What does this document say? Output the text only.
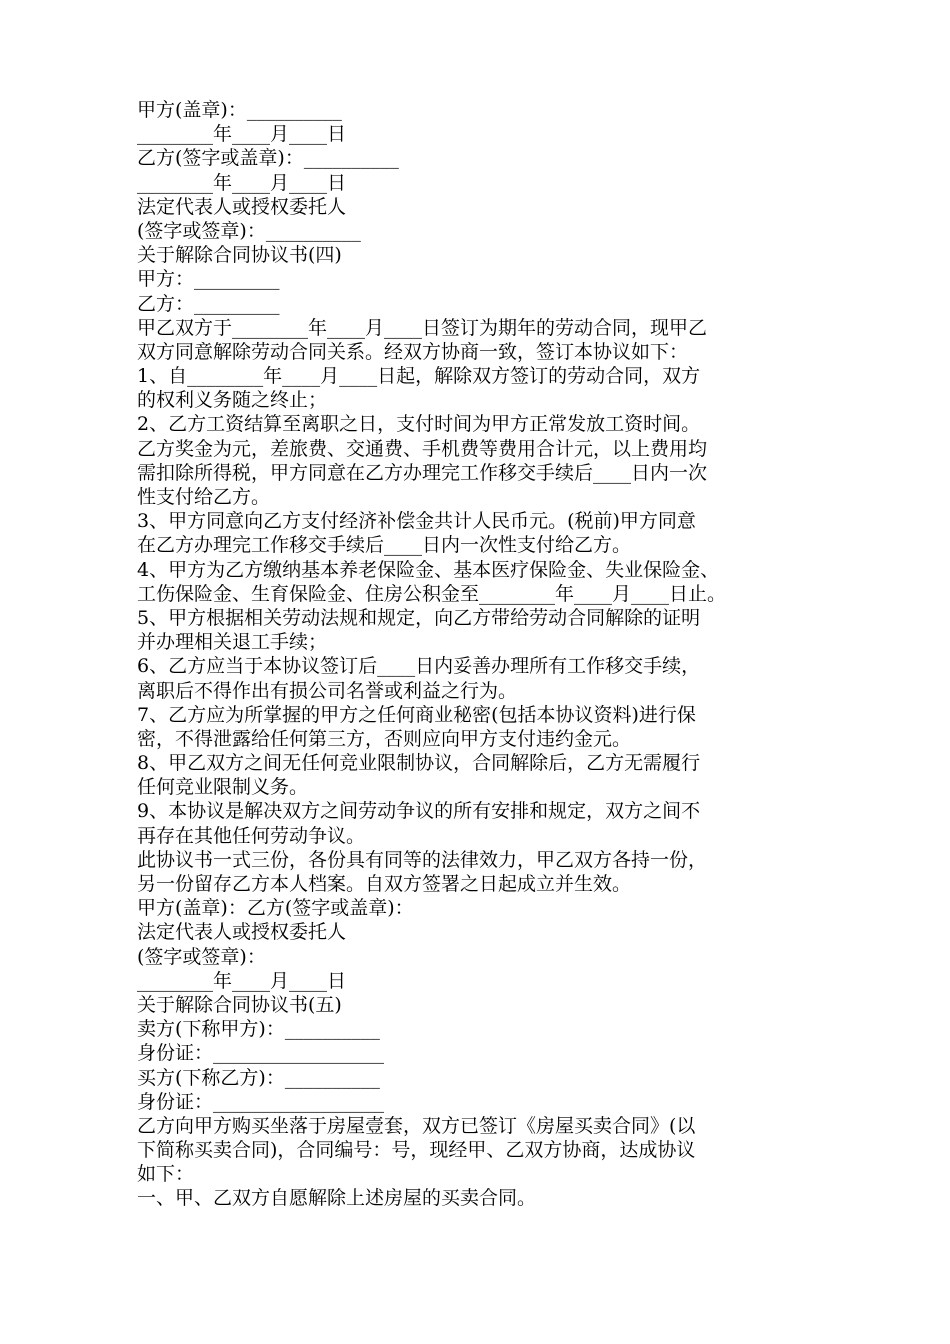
甲方(盖章)：__________
________年____月____日
乙方(签字或盖章)：__________
________年____月____日
法定代表人或授权委托人
(签字或签章)：__________
关于解除合同协议书(四)
甲方：_________
乙方：_________
甲乙双方于________年____月____日签订为期年的劳动合同，现甲乙
双方同意解除劳动合同关系。经双方协商一致，签订本协议如下：
1、自________年____月____日起，解除双方签订的劳动合同，双方
的权利义务随之终止；
2、乙方工资结算至离职之日，支付时间为甲方正常发放工资时间。
乙方奖金为元，差旅费、交通费、手机费等费用合计元，以上费用均
需扣除所得税，甲方同意在乙方办理完工作移交手续后____日内一次
性支付给乙方。
3、甲方同意向乙方支付经济补偿金共计人民币元。(税前)甲方同意
在乙方办理完工作移交手续后____日内一次性支付给乙方。
4、甲方为乙方缴纳基本养老保险金、基本医疗保险金、失业保险金、
工伤保险金、生育保险金、住房公积金至________年____月____日止。
5、甲方根据相关劳动法规和规定，向乙方带给劳动合同解除的证明
并办理相关退工手续；
6、乙方应当于本协议签订后____日内妥善办理所有工作移交手续，
离职后不得作出有损公司名誉或利益之行为。
7、乙方应为所掌握的甲方之任何商业秘密(包括本协议资料)进行保
密，不得泄露给任何第三方，否则应向甲方支付违约金元。
8、甲乙双方之间无任何竞业限制协议，合同解除后，乙方无需履行
任何竞业限制义务。
9、本协议是解决双方之间劳动争议的所有安排和规定，双方之间不
再存在其他任何劳动争议。
此协议书一式三份，各份具有同等的法律效力，甲乙双方各持一份，
另一份留存乙方本人档案。自双方签署之日起成立并生效。
甲方(盖章)：乙方(签字或盖章)：
法定代表人或授权委托人
(签字或签章)：
________年____月____日
关于解除合同协议书(五)
卖方(下称甲方)：__________
身份证：__________________
买方(下称乙方)：__________
身份证：__________________
乙方向甲方购买坐落于房屋壹套，双方已签订《房屋买卖合同》(以
下简称买卖合同)，合同编号：号，现经甲、乙双方协商，达成协议
如下：
一、甲、乙双方自愿解除上述房屋的买卖合同。
